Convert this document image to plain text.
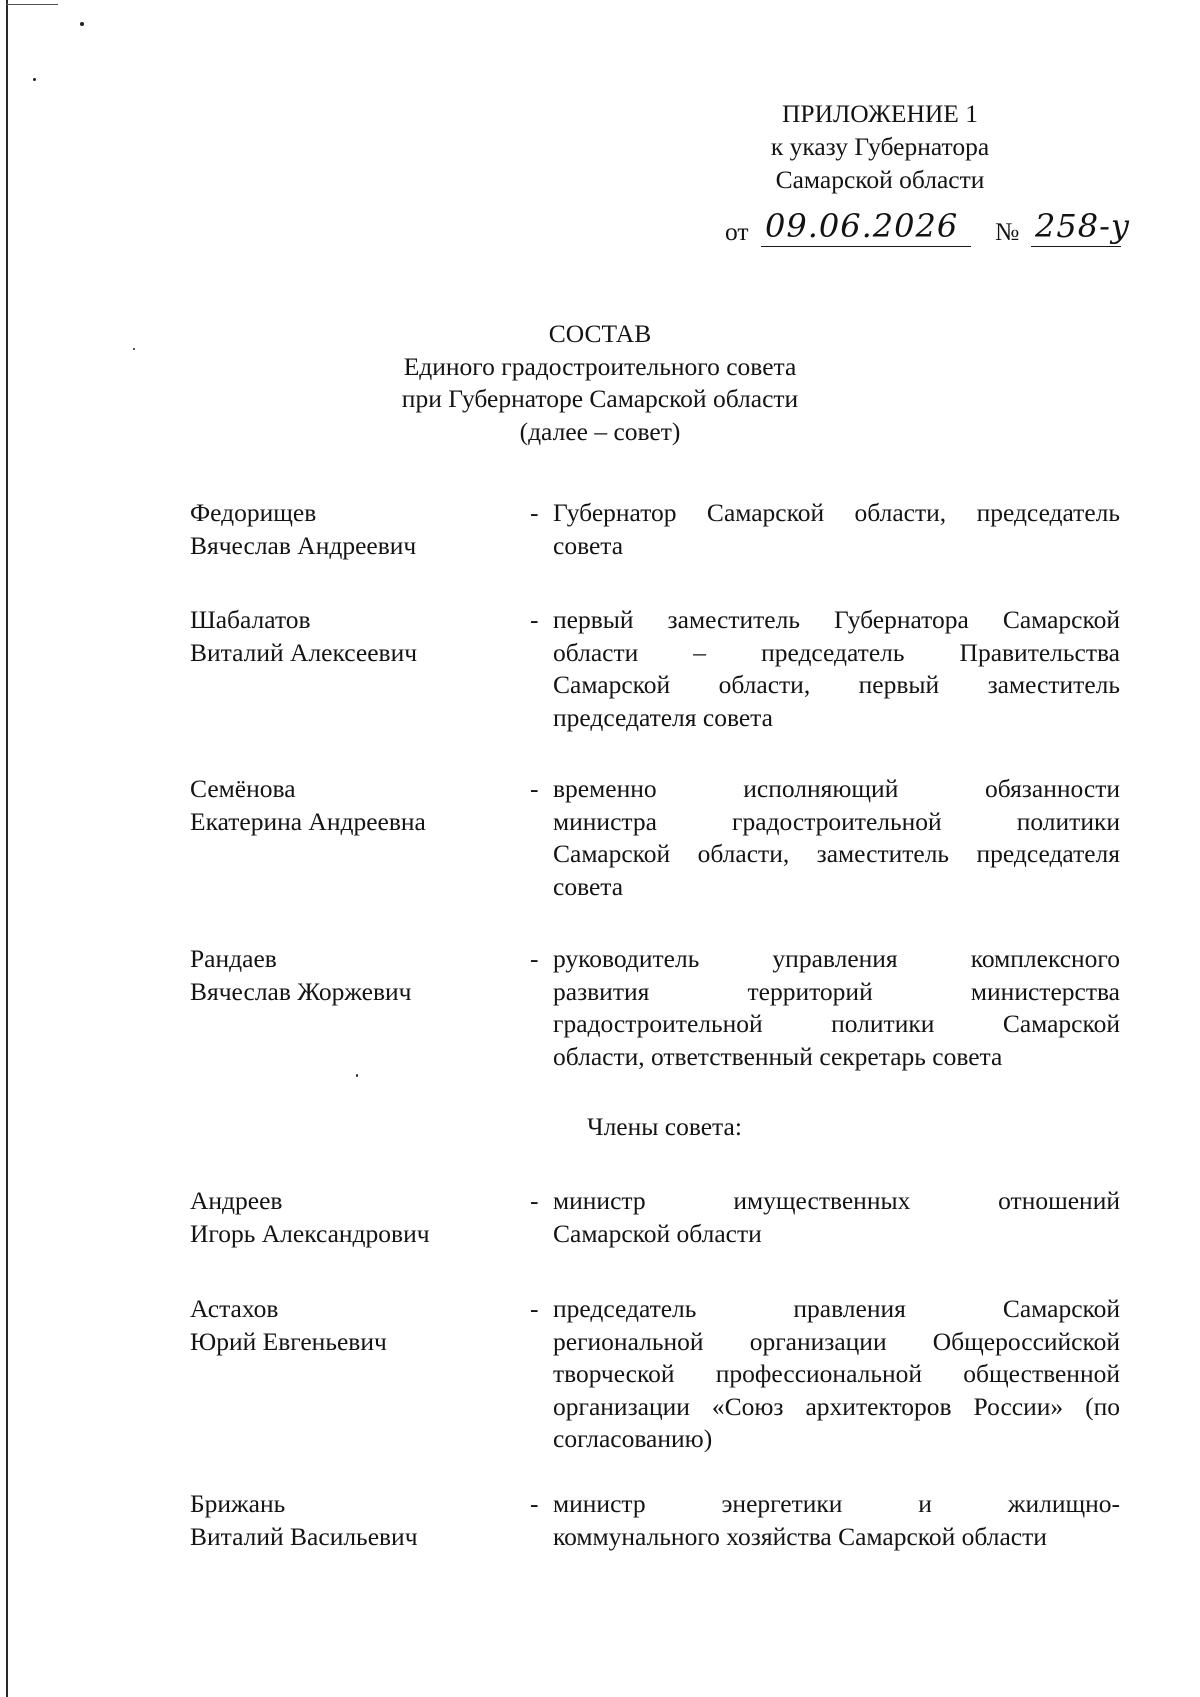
ПРИЛОЖЕНИЕ 1
к указу Губернатора
Самарской области
от 09.06.2026 № 258-у
СОСТАВ
Единого градостроительного совета
при Губернаторе Самарской области
(далее – совет)
Федорищев
Вячеслав Андреевич
- Губернатор Самарской области, председатель
совета
Шабалатов
Виталий Алексеевич
- первый заместитель Губернатора Самарской
области – председатель Правительства
Самарской области, первый заместитель
председателя совета
Семёнова
Екатерина Андреевна
- временно исполняющий обязанности
министра градостроительной политики
Самарской области, заместитель председателя
совета
Рандаев
Вячеслав Жоржевич
- руководитель управления комплексного
развития территорий министерства
градостроительной политики Самарской
области, ответственный секретарь совета
Члены совета:
Андреев
Игорь Александрович
- министр имущественных отношений
Самарской области
Астахов
Юрий Евгеньевич
- председатель правления Самарской
региональной организации Общероссийской
творческой профессиональной общественной
организации «Союз архитекторов России» (по
согласованию)
Брижань
Виталий Васильевич
- министр энергетики и жилищно-
коммунального хозяйства Самарской области
